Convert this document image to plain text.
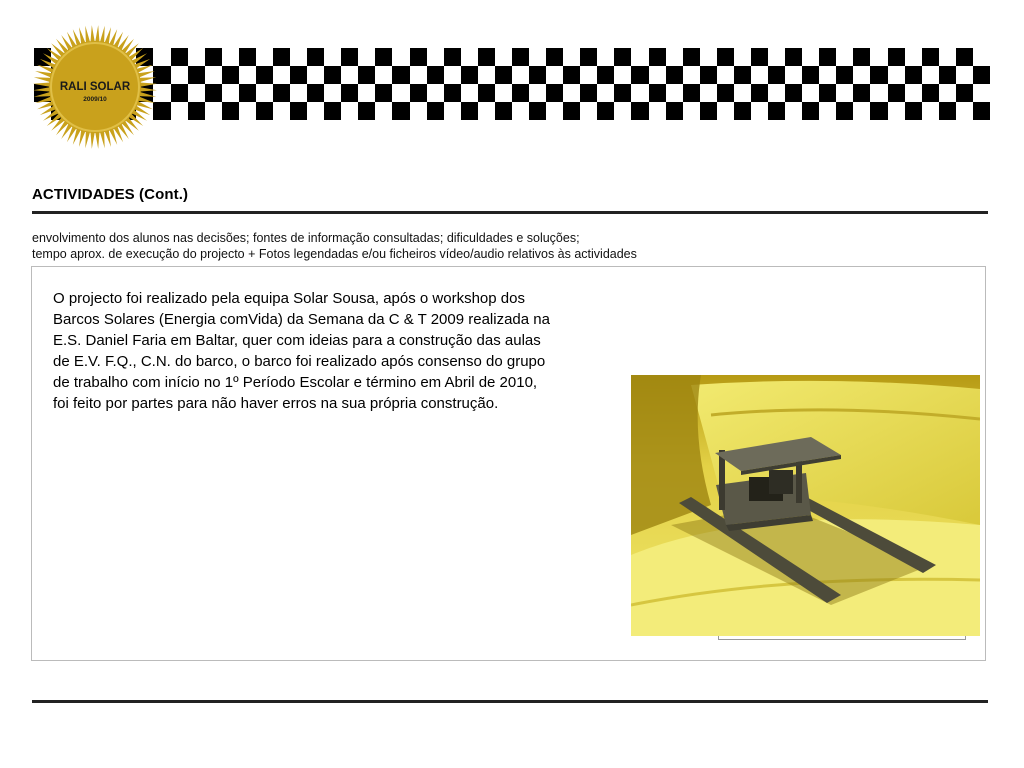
RALI SOLAR
2009/10
ACTIVIDADES (Cont.)
envolvimento dos alunos nas decisões; fontes de informação consultadas; dificuldades e soluções;
tempo aprox. de execução do projecto + Fotos legendadas e/ou ficheiros vídeo/audio relativos às actividades
O projecto foi realizado pela equipa Solar Sousa, após o workshop dos Barcos Solares (Energia comVida) da Semana da C & T 2009 realizada na E.S. Daniel Faria em Baltar, quer com ideias para a construção das aulas de E.V. F.Q., C.N. do barco, o barco foi realizado após consenso do grupo de trabalho com início no 1º Período Escolar e término em Abril de 2010, foi feito por partes para não haver erros na sua própria construção.
